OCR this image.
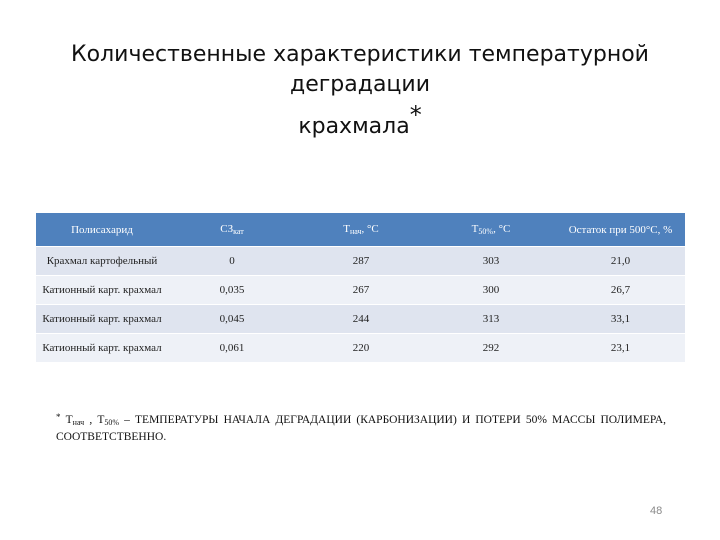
Количественные характеристики температурной деградации
крахмала*
Полисахарид	$СЗ_{кат}$	$T_{нач}$, °C	$T_{50\%}$, °C	Остаток при 500°С, %
Крахмал картофельный	0	287	303	21,0
Катионный карт. крахмал	0,035	267	300	26,7
Катионный карт. крахмал	0,045	244	313	33,1
Катионный карт. крахмал	0,061	220	292	23,1
* $Т_{нач}$ , $Т_{50\%}$ – ТЕМПЕРАТУРЫ НАЧАЛА ДЕГРАДАЦИИ (КАРБОНИЗАЦИИ) И ПОТЕРИ 50% МАССЫ ПОЛИМЕРА, СООТВЕТСТВЕННО.
48
